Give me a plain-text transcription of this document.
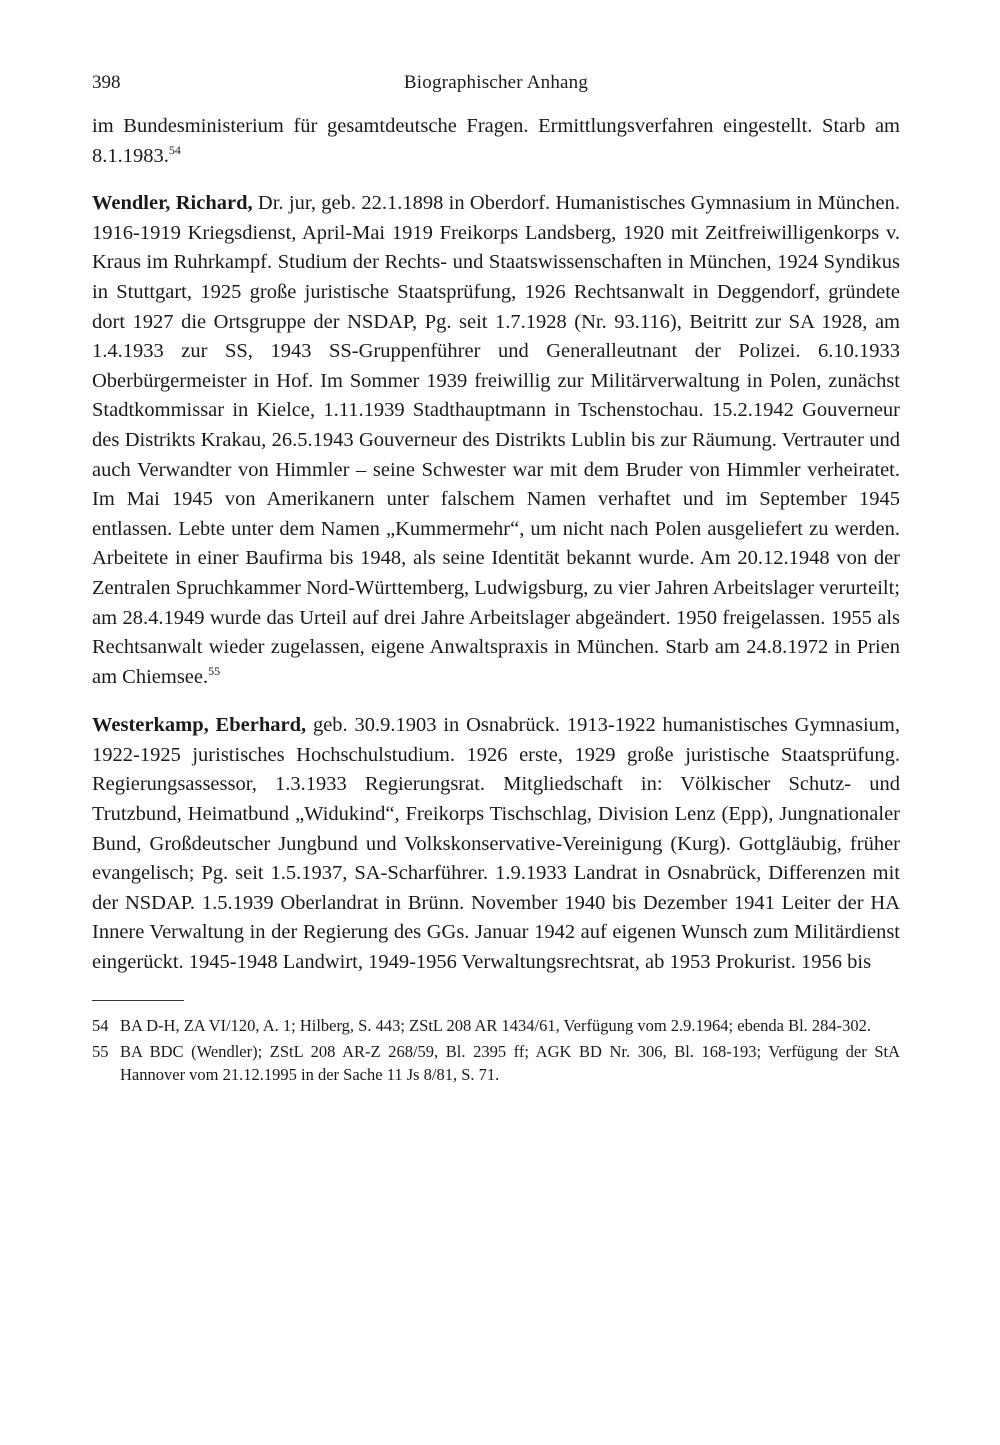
398	Biographischer Anhang

im Bundesministerium für gesamtdeutsche Fragen. Ermittlungsverfahren eingestellt. Starb am 8.1.1983.54

Wendler, Richard, Dr. jur, geb. 22.1.1898 in Oberdorf. Humanistisches Gymnasium in München. 1916-1919 Kriegsdienst, April-Mai 1919 Freikorps Landsberg, 1920 mit Zeitfreiwilligenkorps v. Kraus im Ruhrkampf. Studium der Rechts- und Staatswissenschaften in München, 1924 Syndikus in Stuttgart, 1925 große juristische Staatsprüfung, 1926 Rechtsanwalt in Deggendorf, gründete dort 1927 die Ortsgruppe der NSDAP, Pg. seit 1.7.1928 (Nr. 93.116), Beitritt zur SA 1928, am 1.4.1933 zur SS, 1943 SS-Gruppenführer und Generalleutnant der Polizei. 6.10.1933 Oberbürgermeister in Hof. Im Sommer 1939 freiwillig zur Militärverwaltung in Polen, zunächst Stadtkommissar in Kielce, 1.11.1939 Stadthauptmann in Tschenstochau. 15.2.1942 Gouverneur des Distrikts Krakau, 26.5.1943 Gouverneur des Distrikts Lublin bis zur Räumung. Vertrauter und auch Verwandter von Himmler – seine Schwester war mit dem Bruder von Himmler verheiratet. Im Mai 1945 von Amerikanern unter falschem Namen verhaftet und im September 1945 entlassen. Lebte unter dem Namen „Kummermehr“, um nicht nach Polen ausgeliefert zu werden. Arbeitete in einer Baufirma bis 1948, als seine Identität bekannt wurde. Am 20.12.1948 von der Zentralen Spruchkammer Nord-Württemberg, Ludwigsburg, zu vier Jahren Arbeitslager verurteilt; am 28.4.1949 wurde das Urteil auf drei Jahre Arbeitslager abgeändert. 1950 freigelassen. 1955 als Rechtsanwalt wieder zugelassen, eigene Anwaltspraxis in München. Starb am 24.8.1972 in Prien am Chiemsee.$^{55}$

Westerkamp, Eberhard, geb. 30.9.1903 in Osnabrück. 1913-1922 humanistisches Gymnasium, 1922-1925 juristisches Hochschulstudium. 1926 erste, 1929 große juristische Staatsprüfung. Regierungsassessor, 1.3.1933 Regierungsrat. Mitgliedschaft in: Völkischer Schutz- und Trutzbund, Heimatbund „Widukind“, Freikorps Tischschlag, Division Lenz (Epp), Jungnationaler Bund, Großdeutscher Jungbund und Volkskonservative-Vereinigung (Kurg). Gottgläubig, früher evangelisch; Pg. seit 1.5.1937, SA-Scharführer. 1.9.1933 Landrat in Osnabrück, Differenzen mit der NSDAP. 1.5.1939 Oberlandrat in Brünn. November 1940 bis Dezember 1941 Leiter der HA Innere Verwaltung in der Regierung des GGs. Januar 1942 auf eigenen Wunsch zum Militärdienst eingerückt. 1945-1948 Landwirt, 1949-1956 Verwaltungsrechtsrat, ab 1953 Prokurist. 1956 bis

54 BA D-H, ZA VI/120, A. 1; Hilberg, S. 443; ZStL 208 AR 1434/61, Verfügung vom 2.9.1964; ebenda Bl. 284-302.

55 BA BDC (Wendler); ZStL 208 AR-Z 268/59, Bl. 2395 ff; AGK BD Nr. 306, Bl. 168-193; Verfügung der StA Hannover vom 21.12.1995 in der Sache 11 Js 8/81, S. 71.
